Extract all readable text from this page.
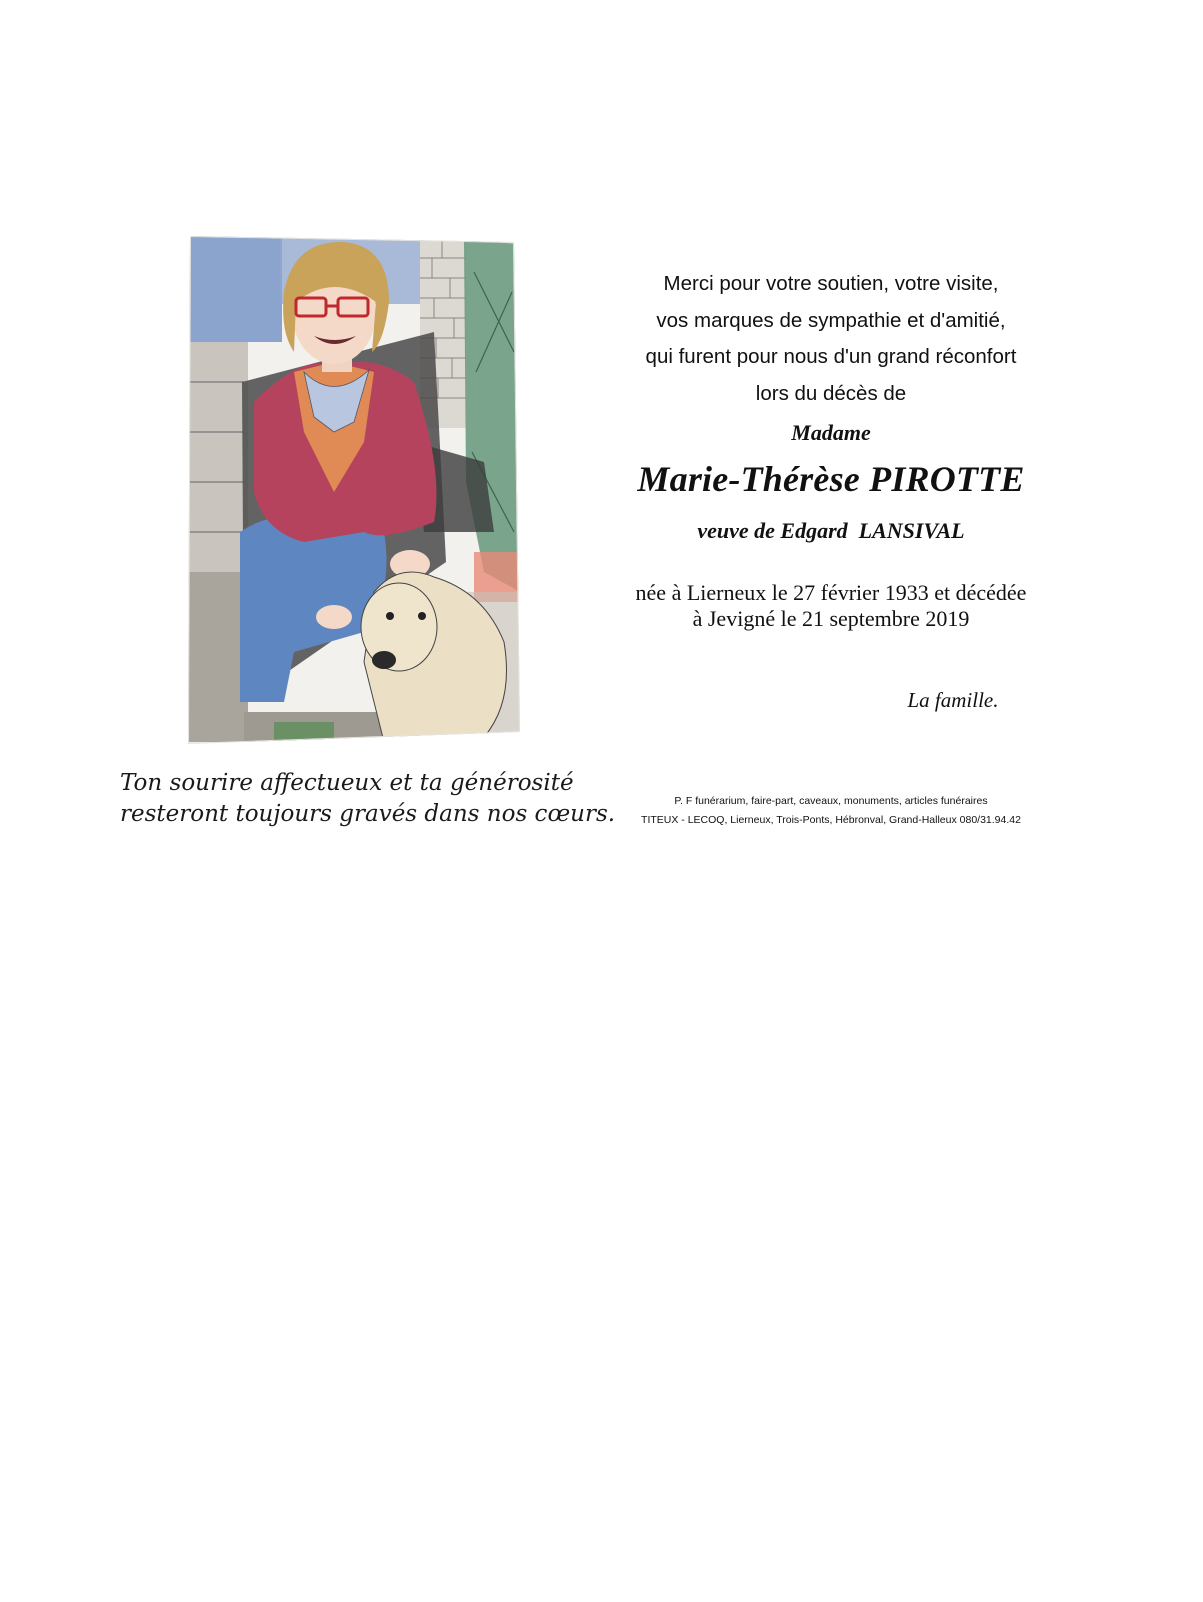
Ton sourire affectueux et ta générosité
resteront toujours gravés dans nos cœurs.
Merci pour votre soutien, votre visite,
vos marques de sympathie et d'amitié,
qui furent pour nous d'un grand réconfort
lors du décès de
Madame
Marie-Thérèse PIROTTE
veuve de Edgard  LANSIVAL
née à Lierneux le 27 février 1933 et décédée
à Jevigné le 21 septembre 2019
La famille.
P. F funérarium, faire-part, caveaux, monuments, articles funéraires
TITEUX - LECOQ, Lierneux, Trois-Ponts, Hébronval, Grand-Halleux 080/31.94.42
